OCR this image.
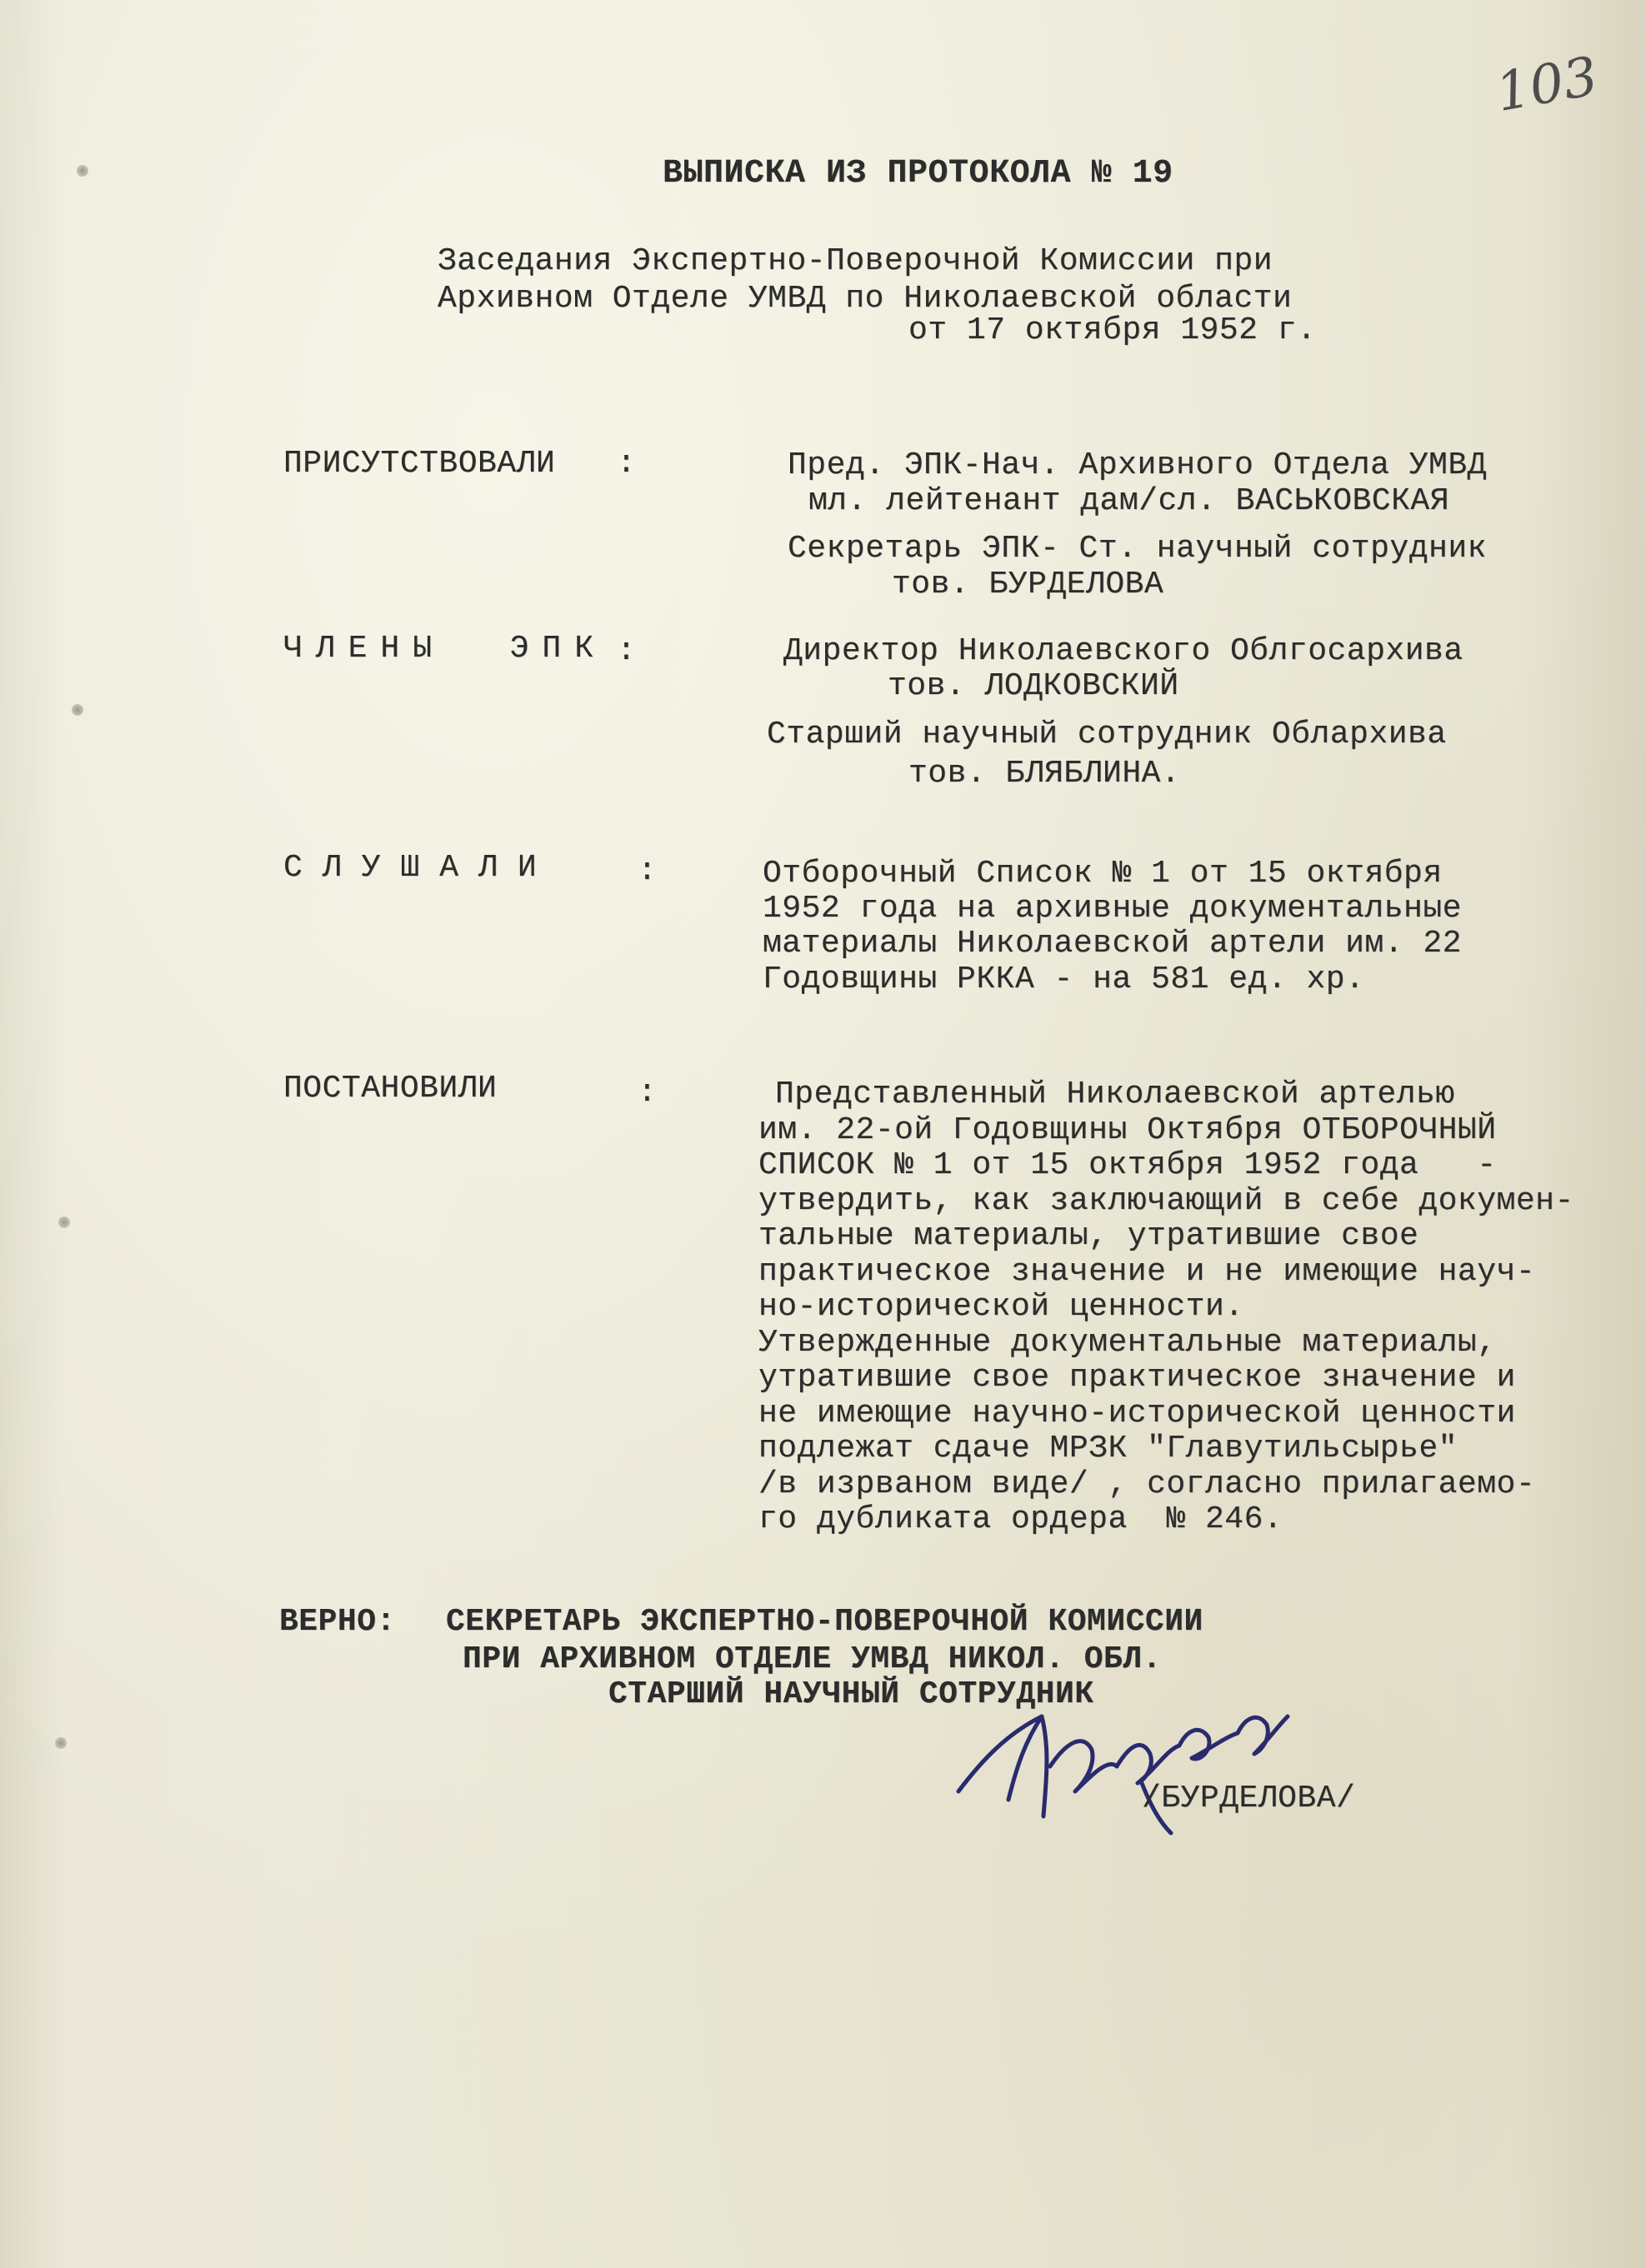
103
ВЫПИСКА ИЗ ПРОТОКОЛА № 19
Заседания Экспертно-Поверочной Комиссии при
Архивном Отделе УМВД по Николаевской области
от 17 октября 1952 г.
ПРИСУТСТВОВАЛИ :	Пред. ЭПК-Нач. Архивного Отдела УМВД
мл. лейтенант дам/сл. ВАСЬКОВСКАЯ
Секретарь ЭПК- Ст. научный сотрудник
тов. БУРДЕЛОВА
ЧЛЕНЫ  ЭПК :	Директор Николаевского Облгосархива
тов. ЛОДКОВСКИЙ
Старший научный сотрудник Облархива
тов. БЛЯБЛИНА.
СЛУШАЛИ	:	Отборочный Список № 1 от 15 октября
1952 года на архивные документальные
материалы Николаевской артели им. 22
Годовщины РККА - на 581 ед. хр.
ПОСТАНОВИЛИ	:	Представленный Николаевской артелью
им. 22-ой Годовщины Октября ОТБОРОЧНЫЙ
СПИСОК № 1 от 15 октября 1952 года   -
утвердить, как заключающий в себе докумен-
тальные материалы, утратившие свое
практическое значение и не имеющие науч-
но-исторической ценности.
Утвержденные документальные материалы,
утратившие свое практическое значение и
не имеющие научно-исторической ценности
подлежат сдаче МРЗК "Главутильсырье"
/в изрваном виде/ , согласно прилагаемо-
го дубликата ордера  № 246.
ВЕРНО: СЕКРЕТАРЬ ЭКСПЕРТНО-ПОВЕРОЧНОЙ КОМИССИИ
ПРИ АРХИВНОМ ОТДЕЛЕ УМВД НИКОЛ. ОБЛ.
СТАРШИЙ НАУЧНЫЙ СОТРУДНИК
/БУРДЕЛОВА/
